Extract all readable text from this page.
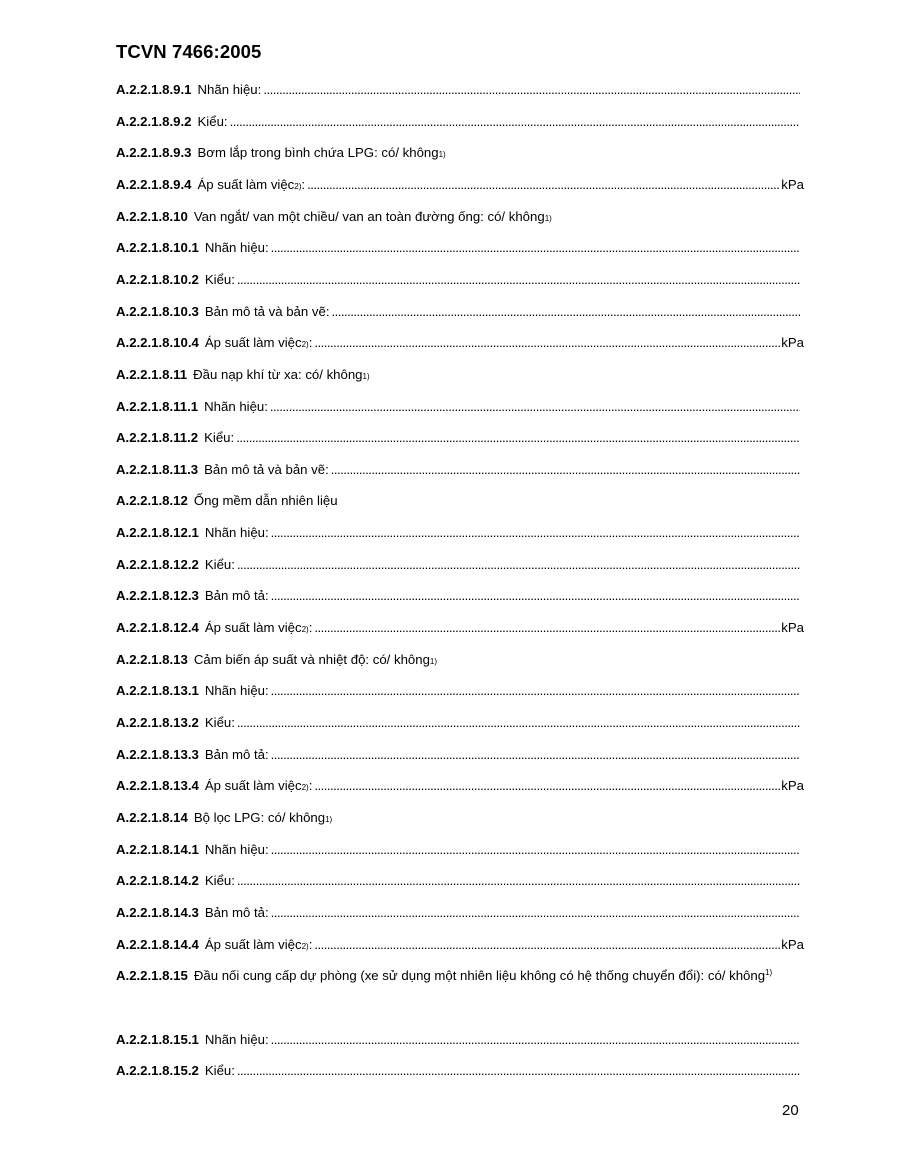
TCVN 7466:2005
A.2.2.1.8.9.1 Nhãn hiệu:
. . .
A.2.2.1.8.9.2 Kiểu:
. . .
A.2.2.1.8.9.3 Bơm lắp trong bình chứa LPG: có/ không 1)
A.2.2.1.8.9.4 Áp suất làm việc 2) : . . .	kPa
A.2.2.1.8.10 Van ngắt/ van một chiều/ van an toàn đường ống: có/ không 1)
A.2.2.1.8.10.1 Nhãn hiệu:
. . .
A.2.2.1.8.10.2 Kiểu:
. . .
A.2.2.1.8.10.3 Bản mô tả và bản vẽ:
. . .
A.2.2.1.8.10.4 Áp suất làm việc 2) : . . .	kPa
A.2.2.1.8.11 Đầu nạp khí từ xa: có/ không 1)
A.2.2.1.8.11.1 Nhãn hiệu:
. . .
A.2.2.1.8.11.2 Kiểu:
. . .
A.2.2.1.8.11.3 Bản mô tả và bản vẽ:
. . .
A.2.2.1.8.12 Ống mềm dẫn nhiên liệu
A.2.2.1.8.12.1 Nhãn hiệu:
. . .
A.2.2.1.8.12.2 Kiểu:
. . .
A.2.2.1.8.12.3 Bản mô tả:
. . .
A.2.2.1.8.12.4 Áp suất làm việc 2) : . . .	kPa
A.2.2.1.8.13 Cảm biến áp suất và nhiệt độ: có/ không 1)
A.2.2.1.8.13.1 Nhãn hiệu:
. . .
A.2.2.1.8.13.2 Kiểu:
. . .
A.2.2.1.8.13.3 Bản mô tả:
. . .
A.2.2.1.8.13.4 Áp suất làm việc 2) : . . .	kPa
A.2.2.1.8.14 Bộ lọc LPG: có/ không 1)
A.2.2.1.8.14.1 Nhãn hiệu:
. . .
A.2.2.1.8.14.2 Kiểu:
. . .
A.2.2.1.8.14.3 Bản mô tả:
. . .
A.2.2.1.8.14.4 Áp suất làm việc 2) : . . .	kPa
A.2.2.1.8.15 Đầu nối cung cấp dự phòng (xe sử dụng một nhiên liệu không có hệ thống chuyển đổi): có/ không$^{1)}$
A.2.2.1.8.15.1 Nhãn hiệu:
. . .
A.2.2.1.8.15.2 Kiểu:
. . .
20
